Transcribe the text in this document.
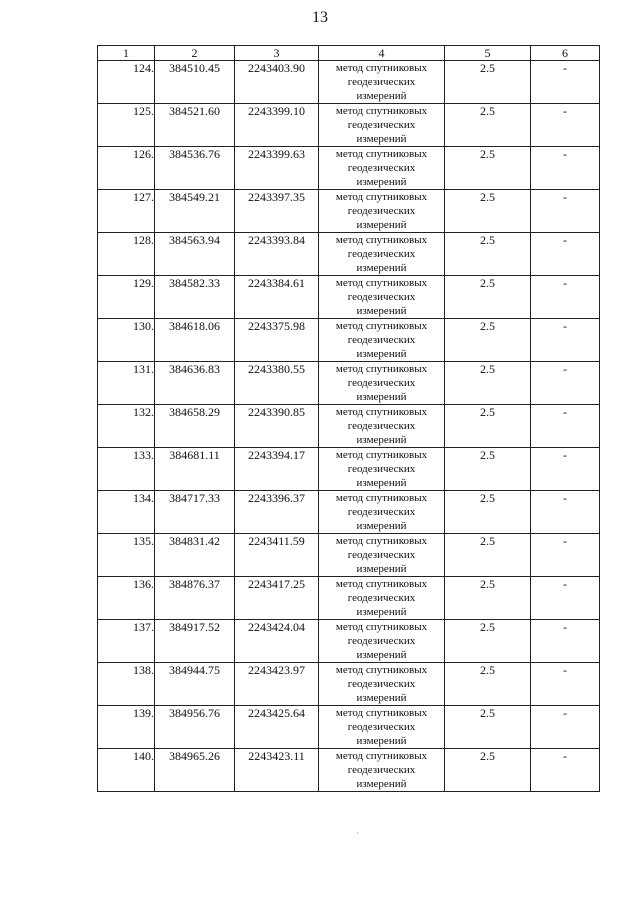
13
1	2	3	4	5	6
124.	384510.45	2243403.90	метод спутниковых
геодезических
измерений	2.5	-
125.	384521.60	2243399.10	метод спутниковых
геодезических
измерений	2.5	-
126.	384536.76	2243399.63	метод спутниковых
геодезических
измерений	2.5	-
127.	384549.21	2243397.35	метод спутниковых
геодезических
измерений	2.5	-
128.	384563.94	2243393.84	метод спутниковых
геодезических
измерений	2.5	-
129.	384582.33	2243384.61	метод спутниковых
геодезических
измерений	2.5	-
130.	384618.06	2243375.98	метод спутниковых
геодезических
измерений	2.5	-
131.	384636.83	2243380.55	метод спутниковых
геодезических
измерений	2.5	-
132.	384658.29	2243390.85	метод спутниковых
геодезических
измерений	2.5	-
133.	384681.11	2243394.17	метод спутниковых
геодезических
измерений	2.5	-
134.	384717.33	2243396.37	метод спутниковых
геодезических
измерений	2.5	-
135.	384831.42	2243411.59	метод спутниковых
геодезических
измерений	2.5	-
136.	384876.37	2243417.25	метод спутниковых
геодезических
измерений	2.5	-
137.	384917.52	2243424.04	метод спутниковых
геодезических
измерений	2.5	-
138.	384944.75	2243423.97	метод спутниковых
геодезических
измерений	2.5	-
139.	384956.76	2243425.64	метод спутниковых
геодезических
измерений	2.5	-
140.	384965.26	2243423.11	метод спутниковых
геодезических
измерений	2.5	-
·
